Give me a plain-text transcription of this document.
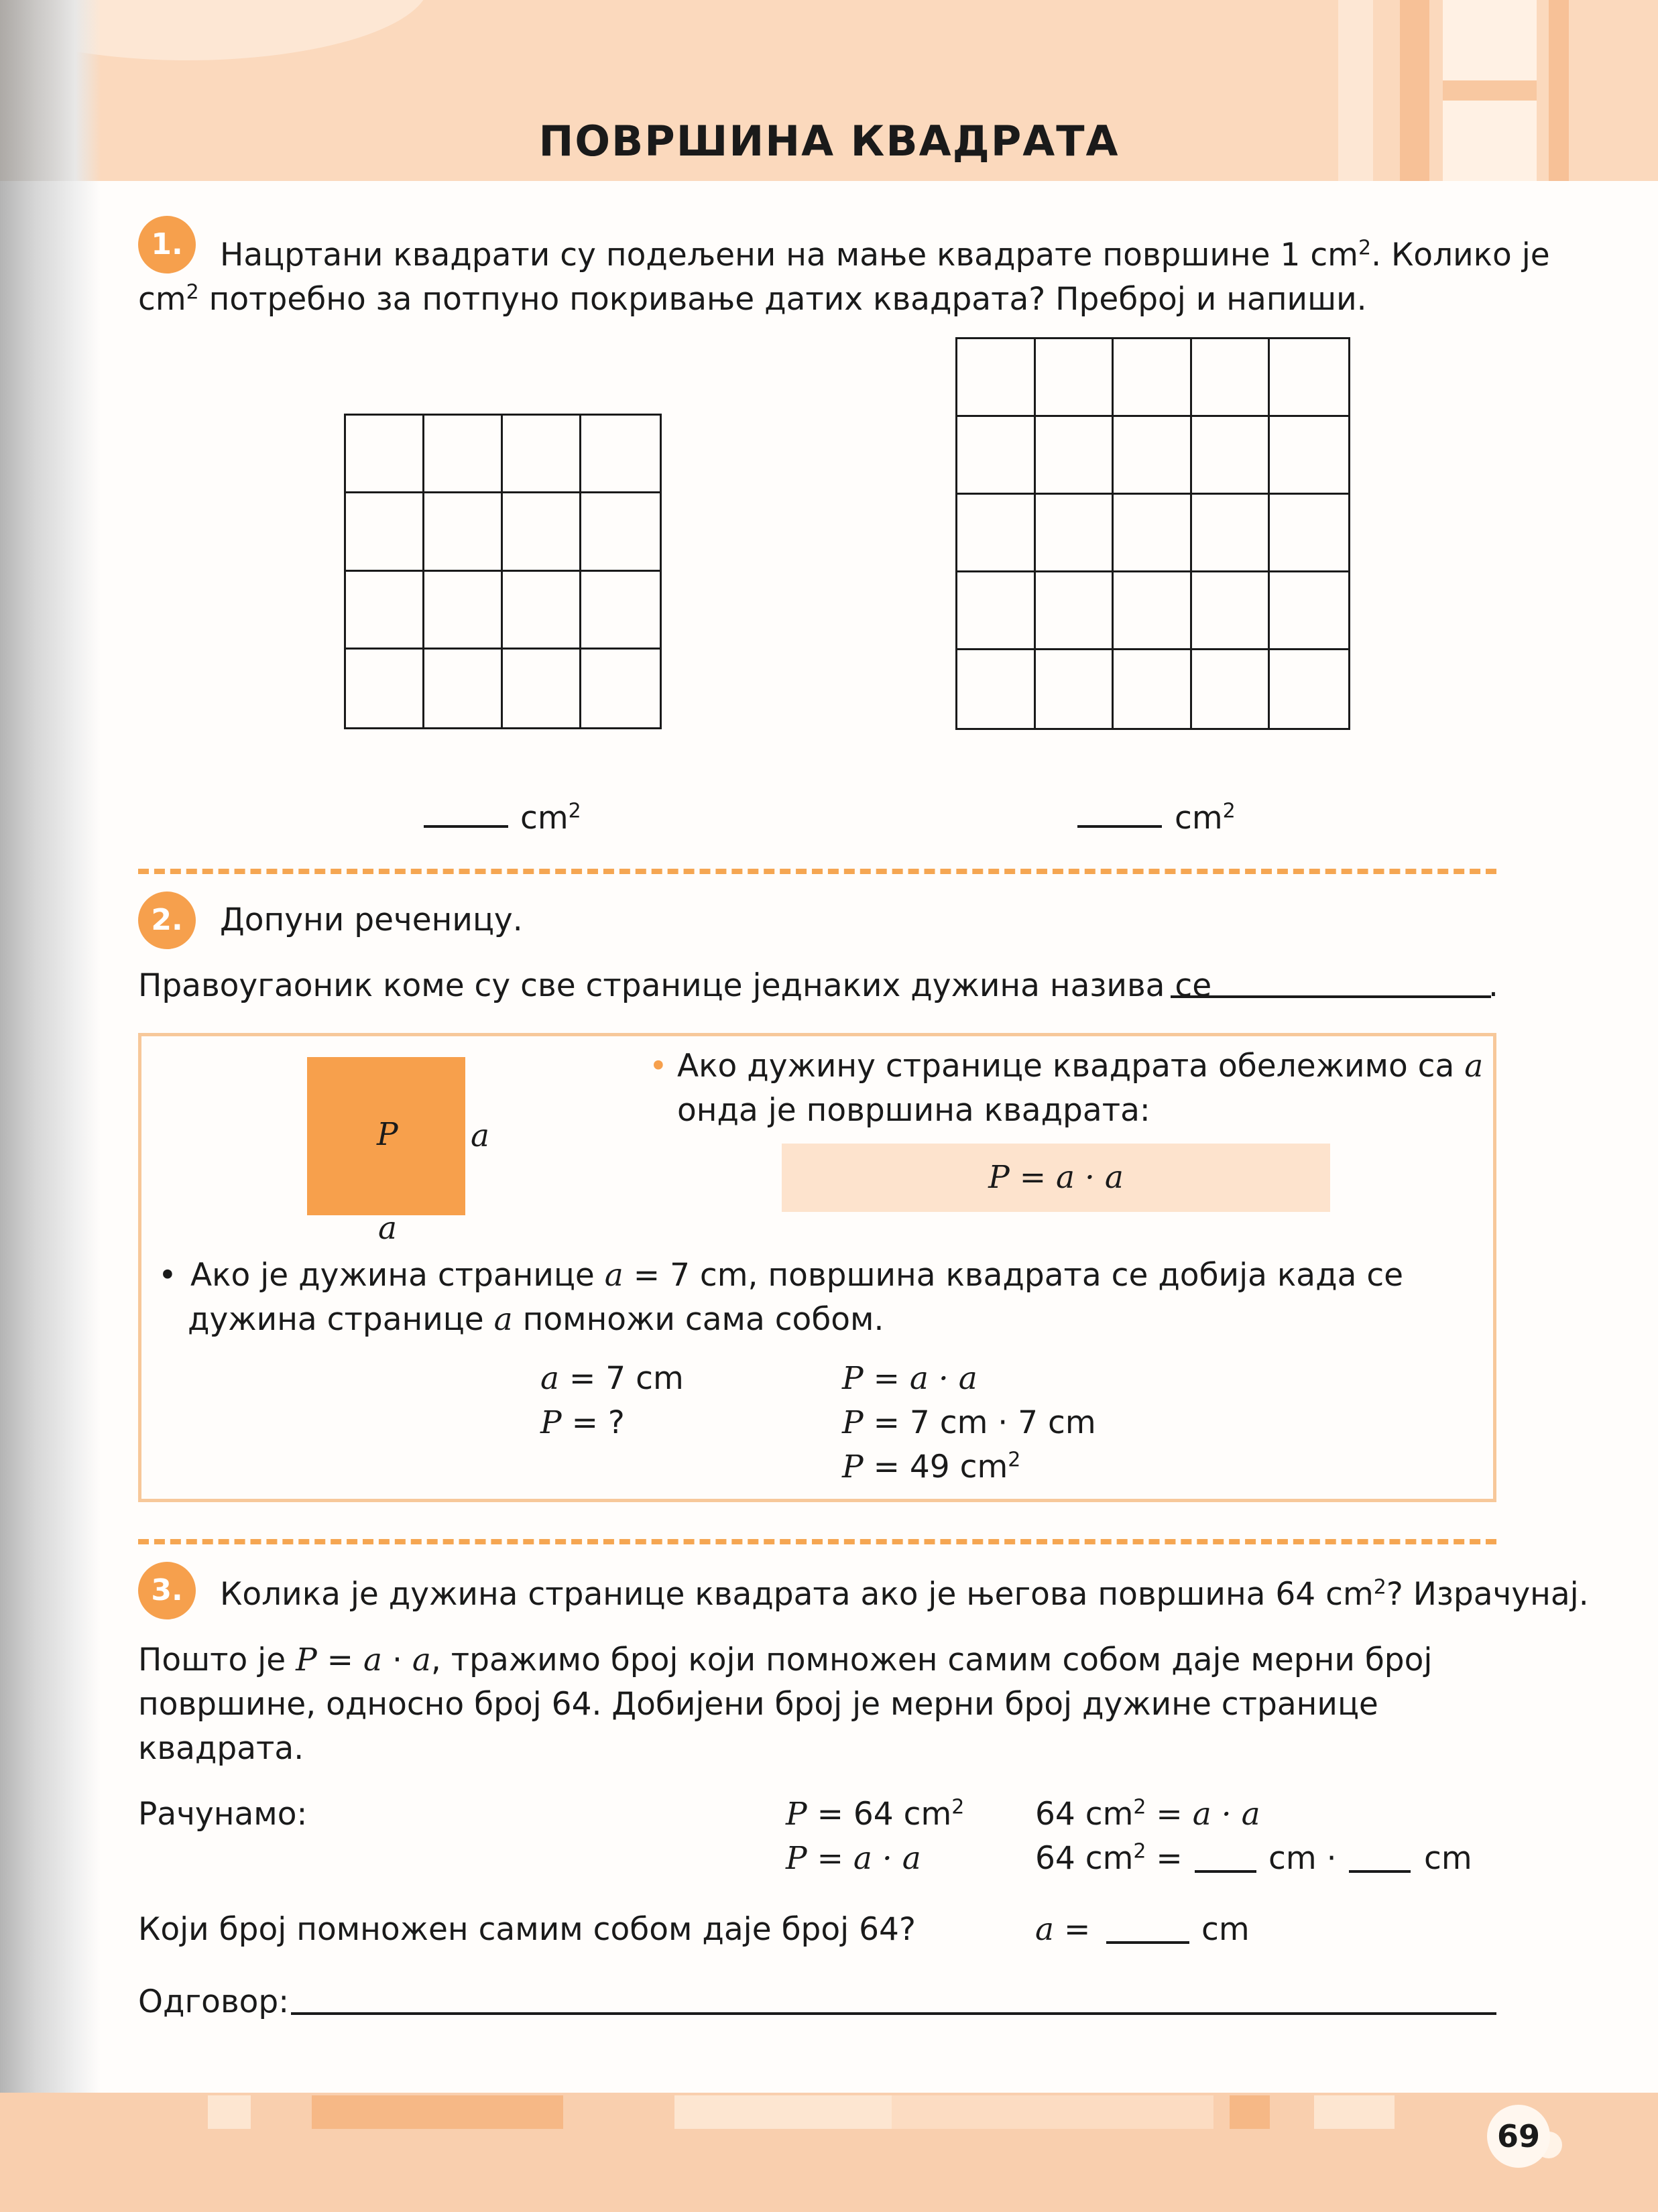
69
ПОВРШИНА КВАДРАТА
1.	Нацртани квадрати су подељени на мање квадрате површине 1 $cm^2$. Колико је
$cm^2$ потребно за потпуно покривање датих квадрата? Преброј и напиши.
$cm^2$	$cm^2$
2.	Допуни реченицу.
Правоугаоник коме су све странице једнаких дужина назива се	.
P a
a
• Ако дужину странице квадрата обележимо са a
онда је површина квадрата:
P = a · a
• Ако је дужина странице a = 7 cm, површина квадрата се добија када се
дужина странице a помножи сама собом.
a = 7 cm
P = ?
P = a · a
P = 7 cm · 7 cm
P = 49 $cm^2$
3.	Колика је дужина странице квадрата ако је његова површина 64 $cm^2$? Израчунај.
Пошто је P = a · a, тражимо број који помножен самим собом даје мерни број
површине, односно број 64. Добијени број је мерни број дужине странице
квадрата.
Рачунамо:	P = 64 $cm^2$
P = a · a
64 $cm^2 = a \cdot a$
64 $cm^2$ =	cm ·	cm
Који број помножен самим собом даје број 64?	a =	cm
Одговор:
